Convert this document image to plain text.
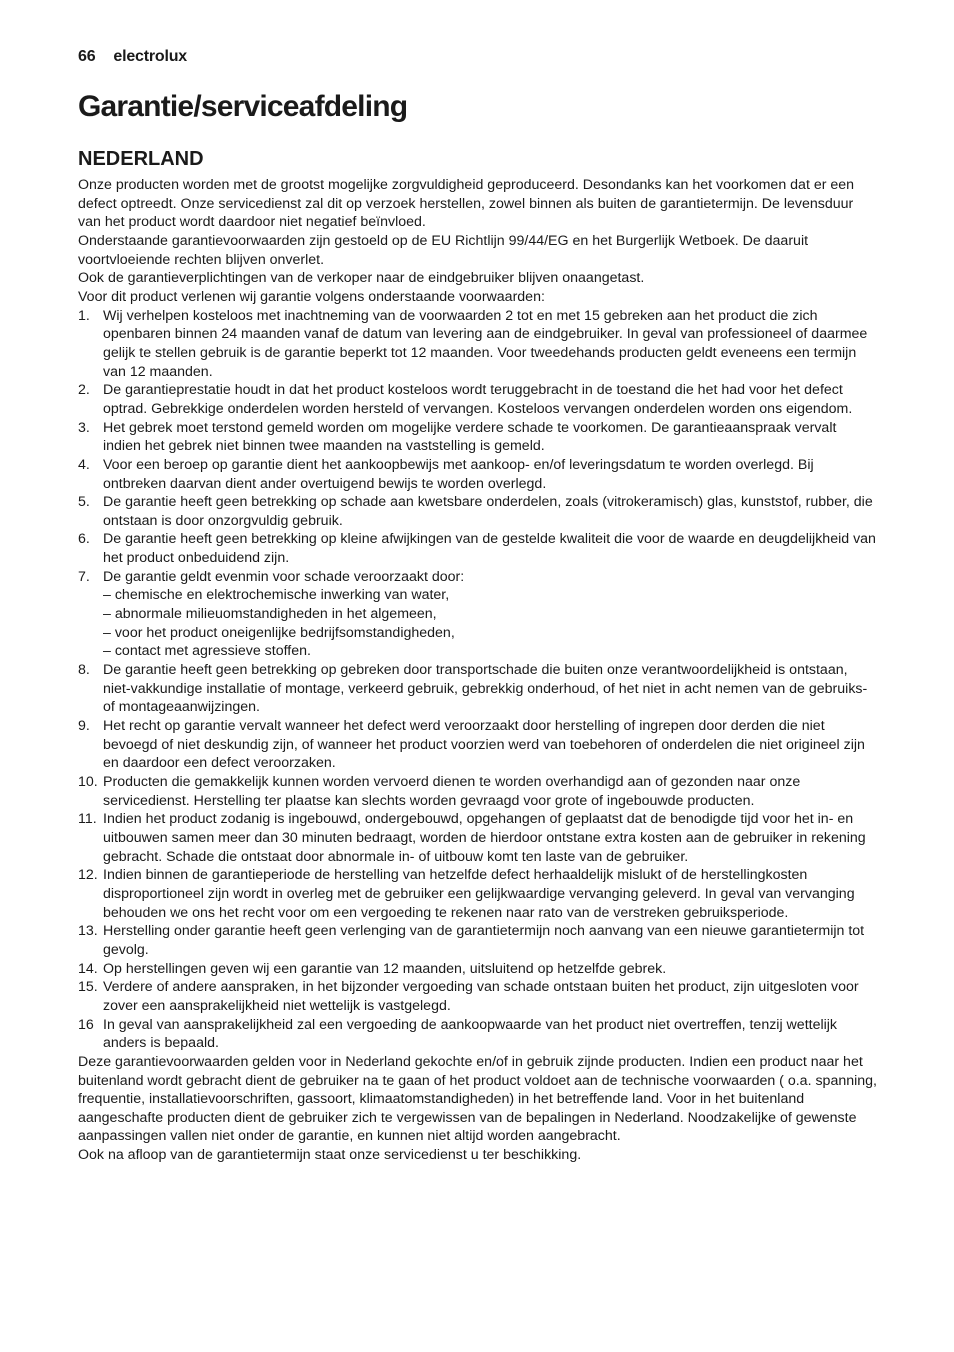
66 electrolux
Garantie/serviceafdeling
NEDERLAND

Onze producten worden met de grootst mogelijke zorgvuldigheid geproduceerd. Desondanks kan het voorkomen dat er een defect optreedt. Onze servicedienst zal dit op verzoek herstellen, zowel binnen als buiten de garantietermijn. De levensduur van het product wordt daardoor niet negatief beïnvloed.

Onderstaande garantievoorwaarden zijn gestoeld op de EU Richtlijn 99/44/EG en het Burgerlijk Wetboek. De daaruit voortvloeiende rechten blijven onverlet.

Ook de garantieverplichtingen van de verkoper naar de eindgebruiker blijven onaangetast.

Voor dit product verlenen wij garantie volgens onderstaande voorwaarden:

1. Wij verhelpen kosteloos met inachtneming van de voorwaarden 2 tot en met 15 gebreken aan het product die zich openbaren binnen 24 maanden vanaf de datum van levering aan de eindgebruiker. In geval van professioneel of daarmee gelijk te stellen gebruik is de garantie beperkt tot 12 maanden. Voor tweedehands producten geldt eveneens een termijn van 12 maanden.
2. De garantieprestatie houdt in dat het product kosteloos wordt teruggebracht in de toestand die het had voor het defect optrad. Gebrekkige onderdelen worden hersteld of vervangen. Kosteloos vervangen onderdelen worden ons eigendom.
3. Het gebrek moet terstond gemeld worden om mogelijke verdere schade te voorkomen. De garantieaanspraak vervalt indien het gebrek niet binnen twee maanden na vaststelling is gemeld.
4. Voor een beroep op garantie dient het aankoopbewijs met aankoop- en/of leveringsdatum te worden overlegd. Bij ontbreken daarvan dient ander overtuigend bewijs te worden overlegd.
5. De garantie heeft geen betrekking op schade aan kwetsbare onderdelen, zoals (vitrokeramisch) glas, kunststof, rubber, die ontstaan is door onzorgvuldig gebruik.
6. De garantie heeft geen betrekking op kleine afwijkingen van de gestelde kwaliteit die voor de waarde en deugdelijkheid van het product onbeduidend zijn.
7. De garantie geldt evenmin voor schade veroorzaakt door:
– chemische en elektrochemische inwerking van water,
– abnormale milieuomstandigheden in het algemeen,
– voor het product oneigenlijke bedrijfsomstandigheden,
– contact met agressieve stoffen.
8. De garantie heeft geen betrekking op gebreken door transportschade die buiten onze verantwoordelijkheid is ontstaan, niet-vakkundige installatie of montage, verkeerd gebruik, gebrekkig onderhoud, of het niet in acht nemen van de gebruiks- of montageaanwijzingen.
9. Het recht op garantie vervalt wanneer het defect werd veroorzaakt door herstelling of ingrepen door derden die niet bevoegd of niet deskundig zijn, of wanneer het product voorzien werd van toebehoren of onderdelen die niet origineel zijn en daardoor een defect veroorzaken.
10. Producten die gemakkelijk kunnen worden vervoerd dienen te worden overhandigd aan of gezonden naar onze servicedienst. Herstelling ter plaatse kan slechts worden gevraagd voor grote of ingebouwde producten.
11. Indien het product zodanig is ingebouwd, ondergebouwd, opgehangen of geplaatst dat de benodigde tijd voor het in- en uitbouwen samen meer dan 30 minuten bedraagt, worden de hierdoor ontstane extra kosten aan de gebruiker in rekening gebracht. Schade die ontstaat door abnormale in- of uitbouw komt ten laste van de gebruiker.
12. Indien binnen de garantieperiode de herstelling van hetzelfde defect herhaaldelijk mislukt of de herstellingkosten disproportioneel zijn wordt in overleg met de gebruiker een gelijkwaardige vervanging geleverd. In geval van vervanging behouden we ons het recht voor om een vergoeding te rekenen naar rato van de verstreken gebruiksperiode.
13. Herstelling onder garantie heeft geen verlenging van de garantietermijn noch aanvang van een nieuwe garantietermijn tot gevolg.
14. Op herstellingen geven wij een garantie van 12 maanden, uitsluitend op hetzelfde gebrek.
15. Verdere of andere aanspraken, in het bijzonder vergoeding van schade ontstaan buiten het product, zijn uitgesloten voor zover een aansprakelijkheid niet wettelijk is vastgelegd.
16 In geval van aansprakelijkheid zal een vergoeding de aankoopwaarde van het product niet overtreffen, tenzij wettelijk anders is bepaald.

Deze garantievoorwaarden gelden voor in Nederland gekochte en/of in gebruik zijnde producten. Indien een product naar het buitenland wordt gebracht dient de gebruiker na te gaan of het product voldoet aan de technische voorwaarden ( o.a. spanning, frequentie, installatievoorschriften, gassoort, klimaatomstandigheden) in het betreffende land. Voor in het buitenland aangeschafte producten dient de gebruiker zich te vergewissen van de bepalingen in Nederland. Noodzakelijke of gewenste aanpassingen vallen niet onder de garantie, en kunnen niet altijd worden aangebracht.

Ook na afloop van de garantietermijn staat onze servicedienst u ter beschikking.
